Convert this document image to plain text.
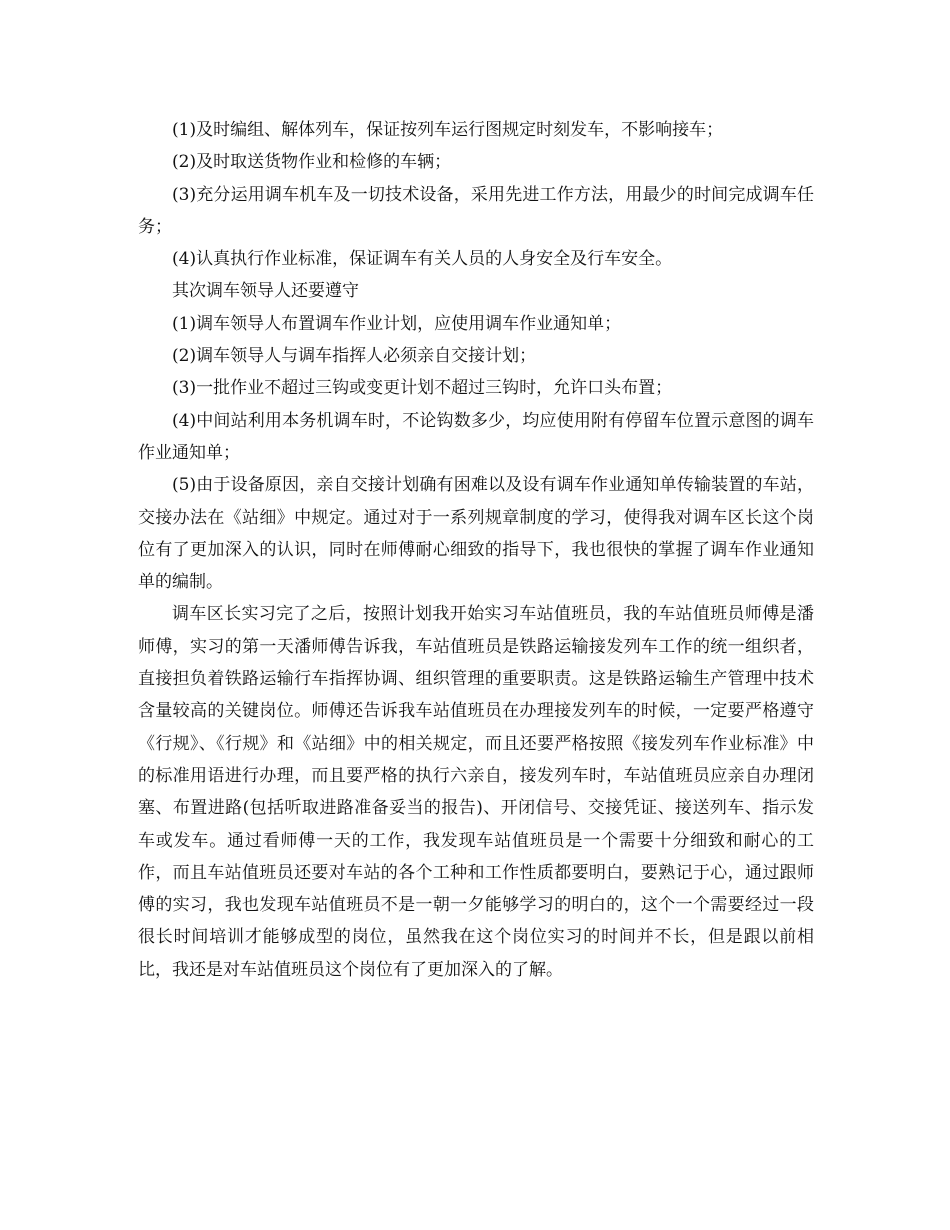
(1)及时编组、解体列车，保证按列车运行图规定时刻发车，不影响接车；

(2)及时取送货物作业和检修的车辆；

(3)充分运用调车机车及一切技术设备，采用先进工作方法，用最少的时间完成调车任务；

(4)认真执行作业标准，保证调车有关人员的人身安全及行车安全。

其次调车领导人还要遵守

(1)调车领导人布置调车作业计划，应使用调车作业通知单；

(2)调车领导人与调车指挥人必须亲自交接计划；

(3)一批作业不超过三钩或变更计划不超过三钩时，允许口头布置；

(4)中间站利用本务机调车时，不论钩数多少，均应使用附有停留车位置示意图的调车作业通知单；

(5)由于设备原因，亲自交接计划确有困难以及设有调车作业通知单传输装置的车站，交接办法在《站细》中规定。通过对于一系列规章制度的学习，使得我对调车区长这个岗位有了更加深入的认识，同时在师傅耐心细致的指导下，我也很快的掌握了调车作业通知单的编制。

调车区长实习完了之后，按照计划我开始实习车站值班员，我的车站值班员师傅是潘师傅，实习的第一天潘师傅告诉我，车站值班员是铁路运输接发列车工作的统一组织者，直接担负着铁路运输行车指挥协调、组织管理的重要职责。这是铁路运输生产管理中技术含量较高的关键岗位。师傅还告诉我车站值班员在办理接发列车的时候，一定要严格遵守《行规》、《行规》和《站细》中的相关规定，而且还要严格按照《接发列车作业标准》中的标准用语进行办理，而且要严格的执行六亲自，接发列车时，车站值班员应亲自办理闭塞、布置进路(包括听取进路准备妥当的报告)、开闭信号、交接凭证、接送列车、指示发车或发车。通过看师傅一天的工作，我发现车站值班员是一个需要十分细致和耐心的工作，而且车站值班员还要对车站的各个工种和工作性质都要明白，要熟记于心，通过跟师傅的实习，我也发现车站值班员不是一朝一夕能够学习的明白的，这个一个需要经过一段很长时间培训才能够成型的岗位，虽然我在这个岗位实习的时间并不长，但是跟以前相比，我还是对车站值班员这个岗位有了更加深入的了解。
